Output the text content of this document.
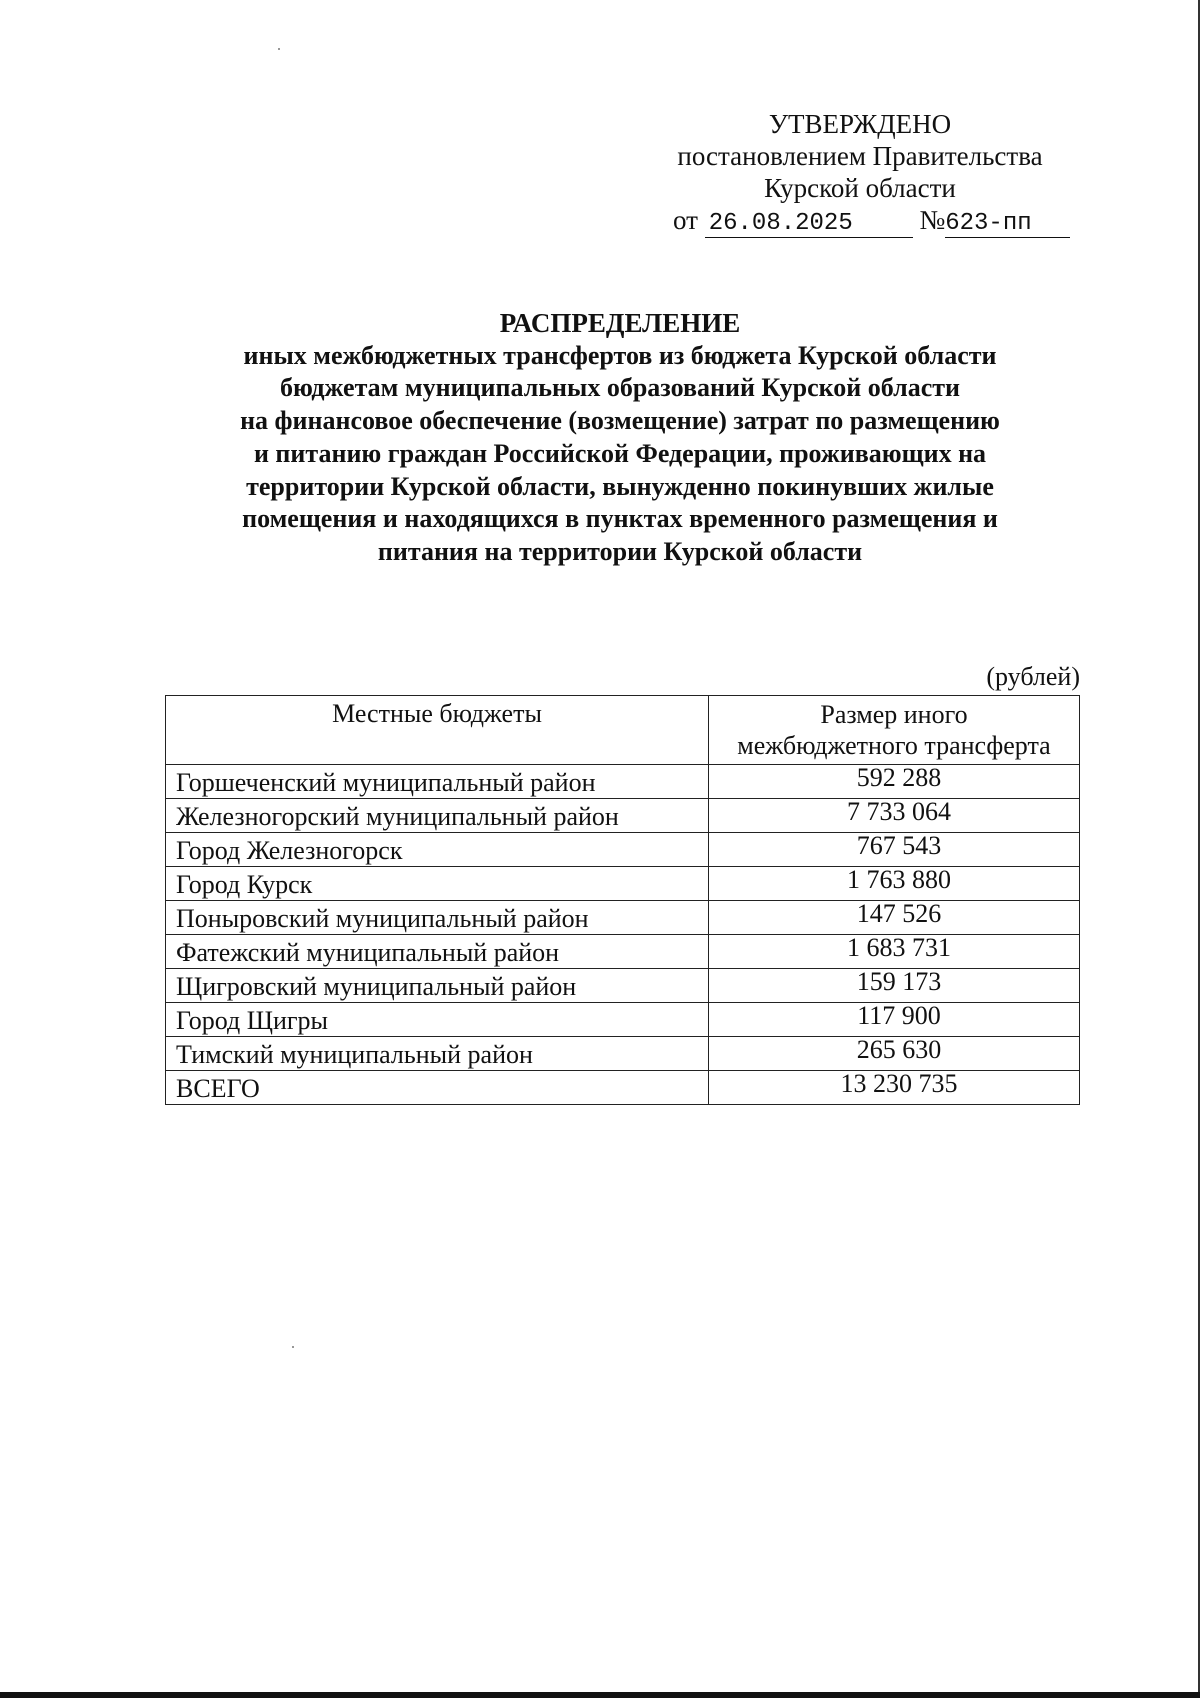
УТВЕРЖДЕНО
постановлением Правительства
Курской области
от 26.08.2025 №623-пп
РАСПРЕДЕЛЕНИЕ
иных межбюджетных трансфертов из бюджета Курской области
бюджетам муниципальных образований Курской области
на финансовое обеспечение (возмещение) затрат по размещению
и питанию граждан Российской Федерации, проживающих на
территории Курской области, вынужденно покинувших жилые
помещения и находящихся в пунктах временного размещения и
питания на территории Курской области
(рублей)
Местные бюджеты	Размер иного
межбюджетного трансферта
Горшеченский муниципальный район	592 288
Железногорский муниципальный район	7 733 064
Город Железногорск	767 543
Город Курск	1 763 880
Поныровский муниципальный район	147 526
Фатежский муниципальный район	1 683 731
Щигровский муниципальный район	159 173
Город Щигры	117 900
Тимский муниципальный район	265 630
ВСЕГО	13 230 735
